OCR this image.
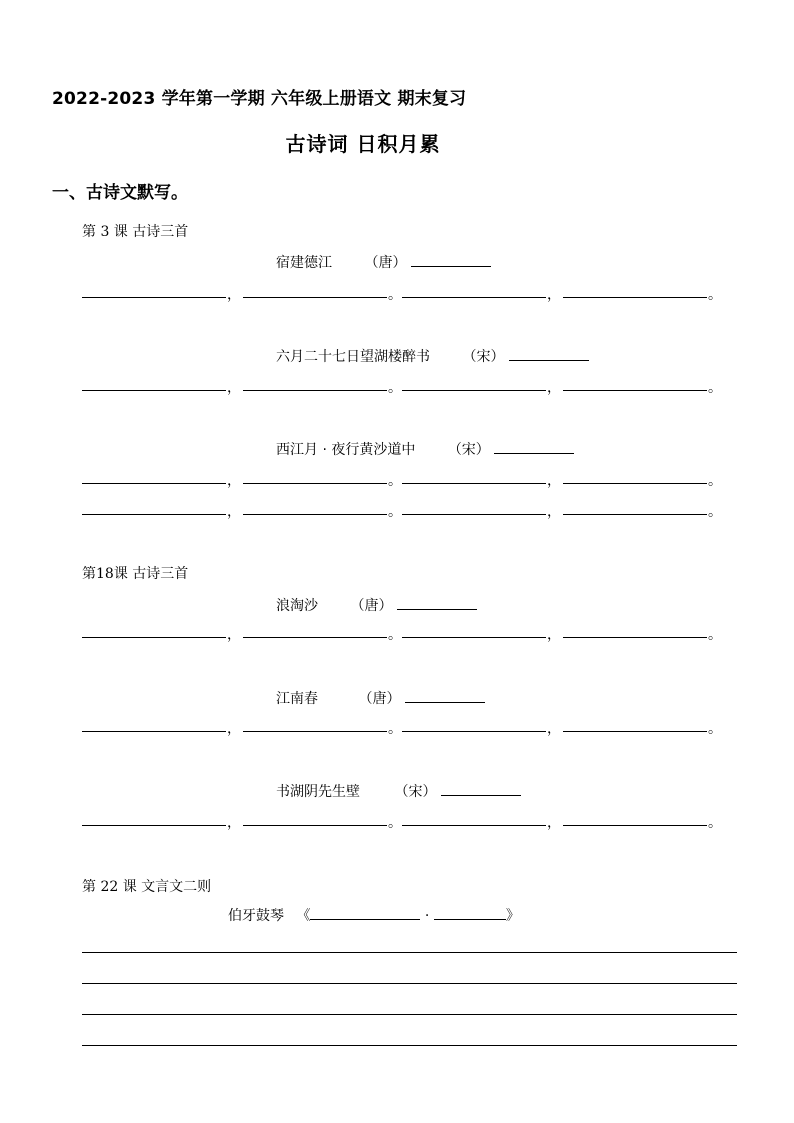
2022-2023 学年第一学期 六年级上册语文 期末复习
古诗词 日积月累
一、古诗文默写。
第 3 课 古诗三首
第18课 古诗三首
第 22 课 文言文二则
宿建德江 （唐）
六月二十七日望湖楼醉书 （宋）
西江月 · 夜行黄沙道中 （宋）
浪淘沙 （唐）
江南春	（唐）
书湖阴先生壁 （宋）
，	。	，	。
，	。	，	。
，	。	，	。
，	。	，	。
，	。	，	。
，	。	，	。
，	。	，	。
伯牙鼓琴 《	·	》
